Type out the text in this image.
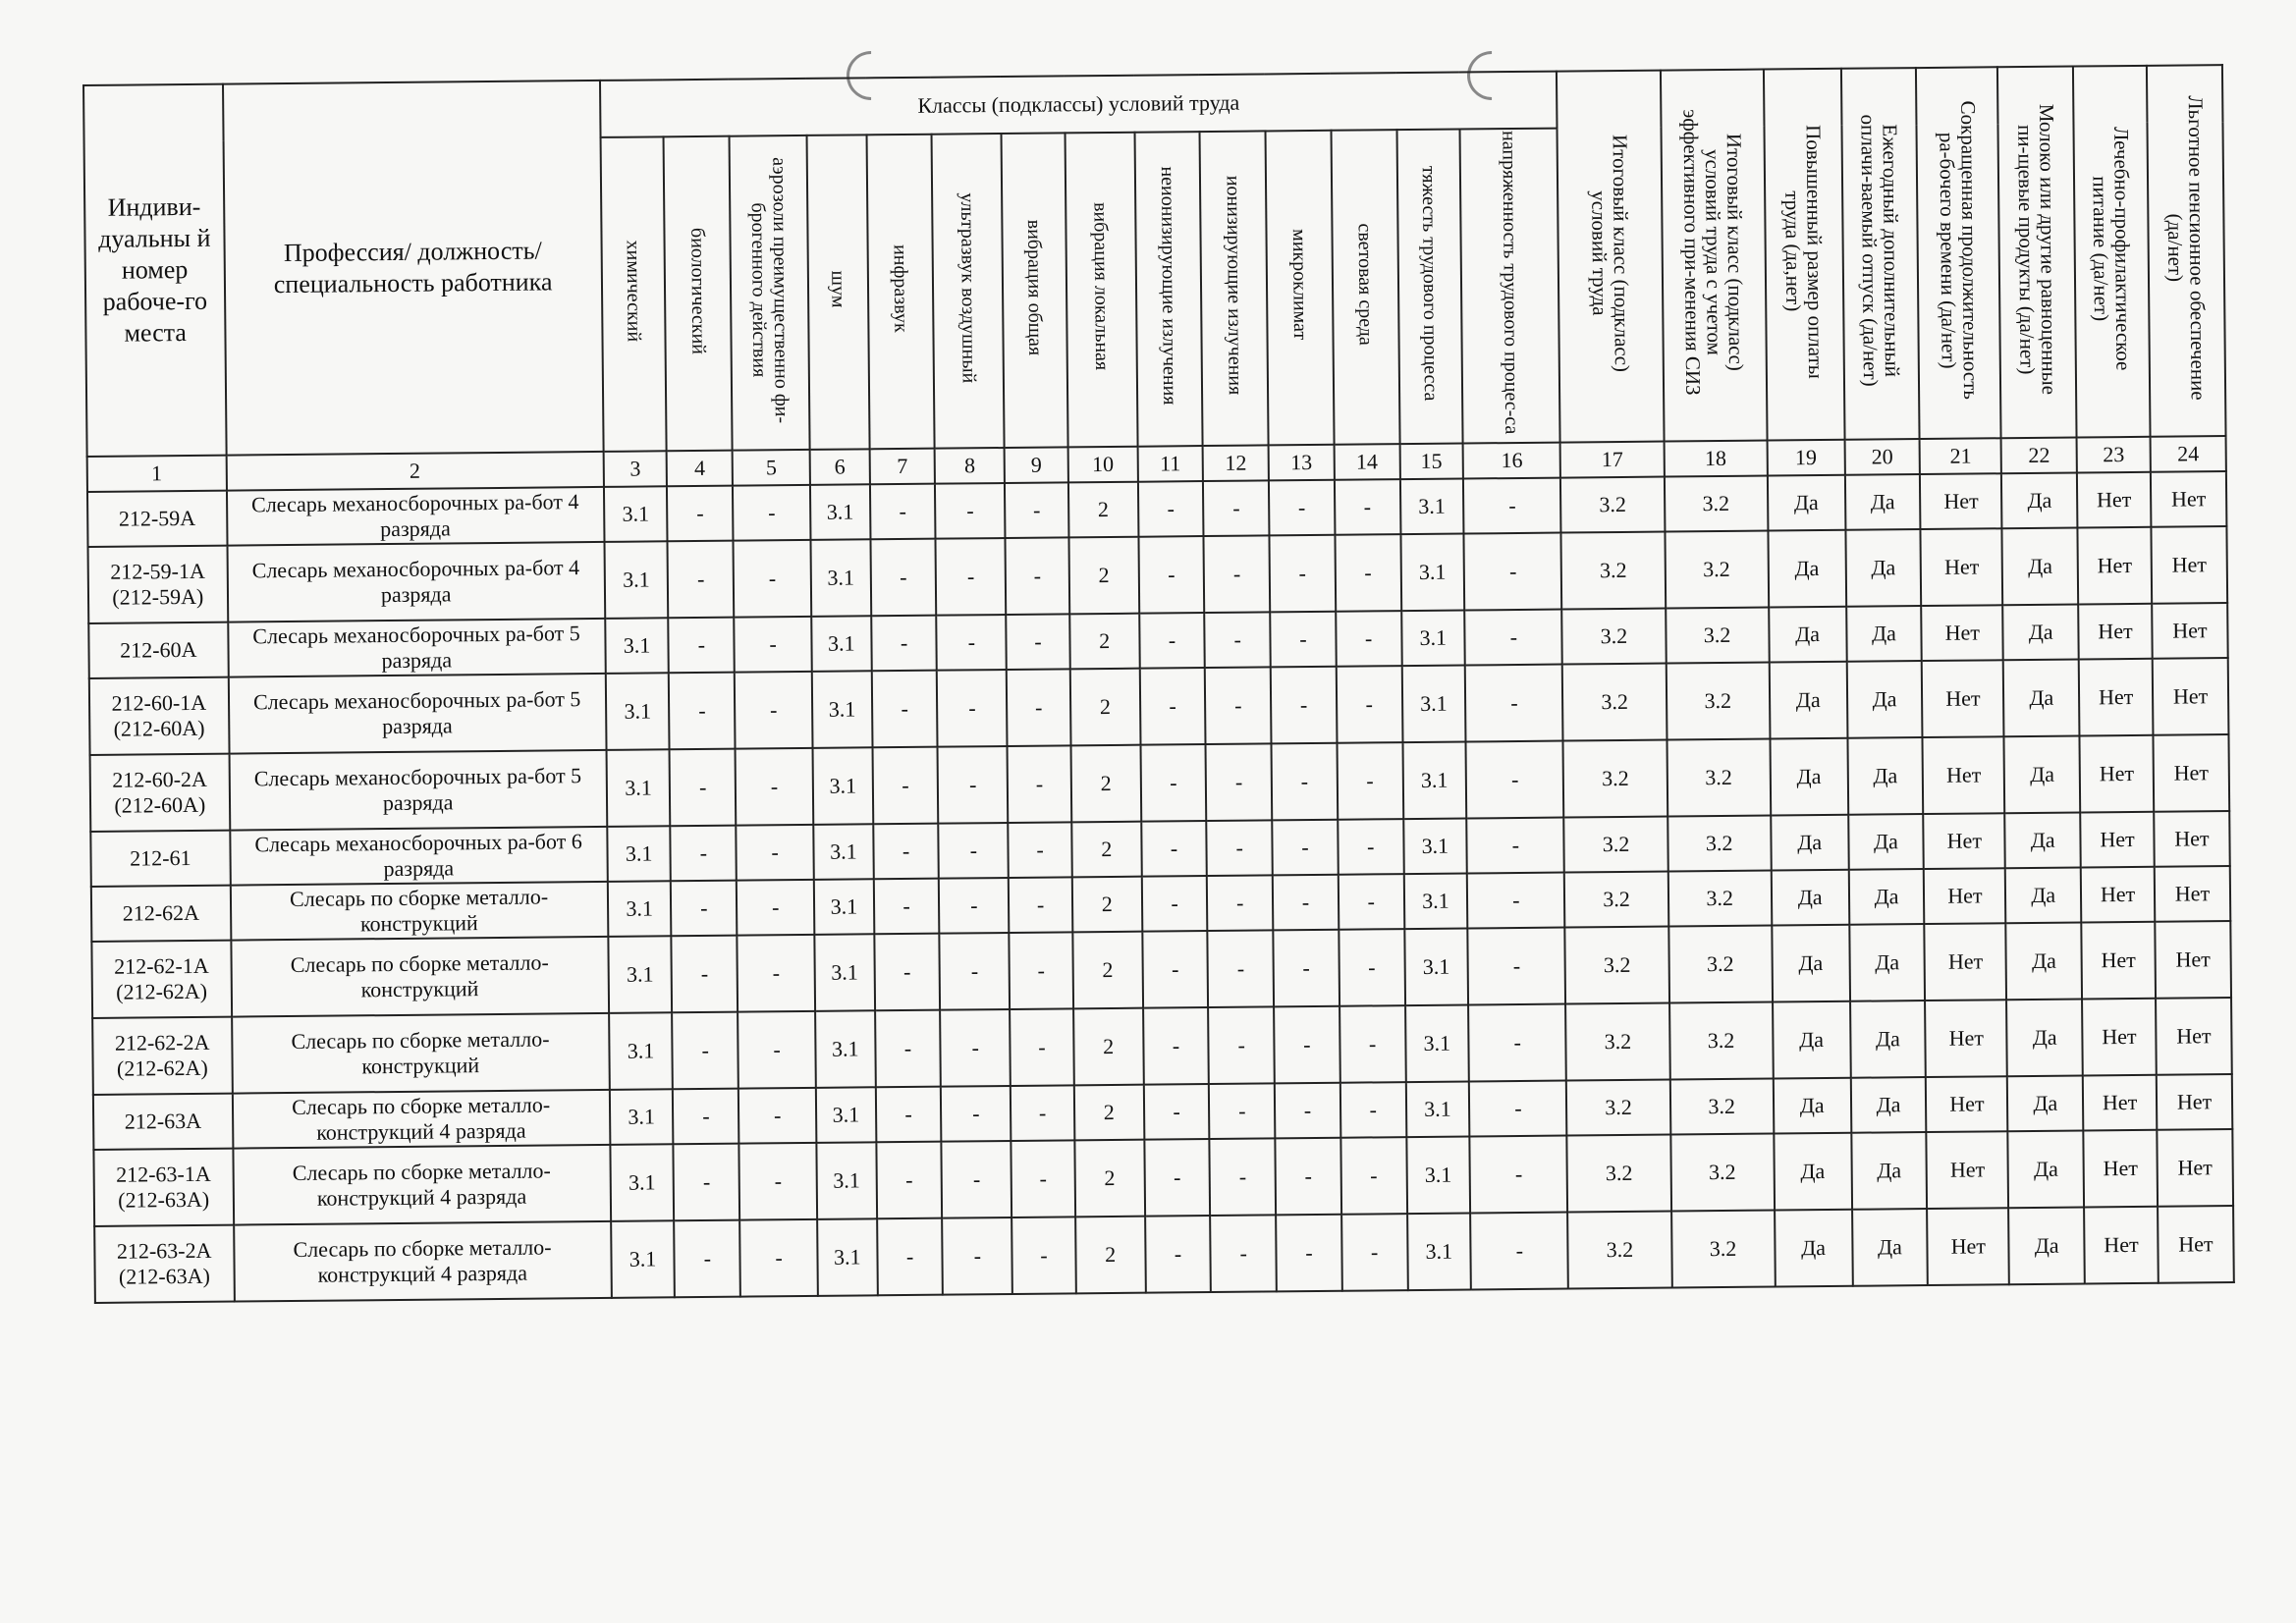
Индиви-дуальны й номер рабоче-го места	Профессия/ должность/ специальность работника	Классы (подклассы) условий труда														Итоговый класс (подкласс) условий труда	Итоговый класс (подкласс) условий труда с учетом эффективного при-менения СИЗ	Повышенный размер оплаты труда (да,нет)	Ежегодный дополнительный оплачи-ваемый отпуск (да/нет)	Сокращенная продолжительность ра-бочего времени (да/нет)	Молоко или другие равноценные пи-щевые продукты (да/нет)	Лечебно-профилактическое питание (да/нет)	Льготное пенсионное обеспечение (да/нет)
		химический	биологический	аэрозоли преимущественно фи-брогенного действия	шум	инфразвук	ультразвук воздушный	вибрация общая	вибрация локальная	неионизирующие излучения	ионизирующие излучения	микроклимат	световая среда	тяжесть трудового процесса	напряженность трудового процес-са								
1	2	3	4	5	6	7	8	9	10	11	12	13	14	15	16	17	18	19	20	21	22	23	24
212-59А	Слесарь механосборочных ра-бот 4 разряда	3.1	-	-	3.1	-	-	-	2	-	-	-	-	3.1	-	3.2	3.2	Да	Да	Нет	Да	Нет	Нет
212-59-1А (212-59А)	Слесарь механосборочных ра-бот 4 разряда	3.1	-	-	3.1	-	-	-	2	-	-	-	-	3.1	-	3.2	3.2	Да	Да	Нет	Да	Нет	Нет
212-60А	Слесарь механосборочных ра-бот 5 разряда	3.1	-	-	3.1	-	-	-	2	-	-	-	-	3.1	-	3.2	3.2	Да	Да	Нет	Да	Нет	Нет
212-60-1А (212-60А)	Слесарь механосборочных ра-бот 5 разряда	3.1	-	-	3.1	-	-	-	2	-	-	-	-	3.1	-	3.2	3.2	Да	Да	Нет	Да	Нет	Нет
212-60-2А (212-60А)	Слесарь механосборочных ра-бот 5 разряда	3.1	-	-	3.1	-	-	-	2	-	-	-	-	3.1	-	3.2	3.2	Да	Да	Нет	Да	Нет	Нет
212-61	Слесарь механосборочных ра-бот 6 разряда	3.1	-	-	3.1	-	-	-	2	-	-	-	-	3.1	-	3.2	3.2	Да	Да	Нет	Да	Нет	Нет
212-62А	Слесарь по сборке металло-конструкций	3.1	-	-	3.1	-	-	-	2	-	-	-	-	3.1	-	3.2	3.2	Да	Да	Нет	Да	Нет	Нет
212-62-1А (212-62А)	Слесарь по сборке металло-конструкций	3.1	-	-	3.1	-	-	-	2	-	-	-	-	3.1	-	3.2	3.2	Да	Да	Нет	Да	Нет	Нет
212-62-2А (212-62А)	Слесарь по сборке металло-конструкций	3.1	-	-	3.1	-	-	-	2	-	-	-	-	3.1	-	3.2	3.2	Да	Да	Нет	Да	Нет	Нет
212-63А	Слесарь по сборке металло-конструкций 4 разряда	3.1	-	-	3.1	-	-	-	2	-	-	-	-	3.1	-	3.2	3.2	Да	Да	Нет	Да	Нет	Нет
212-63-1А (212-63А)	Слесарь по сборке металло-конструкций 4 разряда	3.1	-	-	3.1	-	-	-	2	-	-	-	-	3.1	-	3.2	3.2	Да	Да	Нет	Да	Нет	Нет
212-63-2А (212-63А)	Слесарь по сборке металло-конструкций 4 разряда	3.1	-	-	3.1	-	-	-	2	-	-	-	-	3.1	-	3.2	3.2	Да	Да	Нет	Да	Нет	Нет
